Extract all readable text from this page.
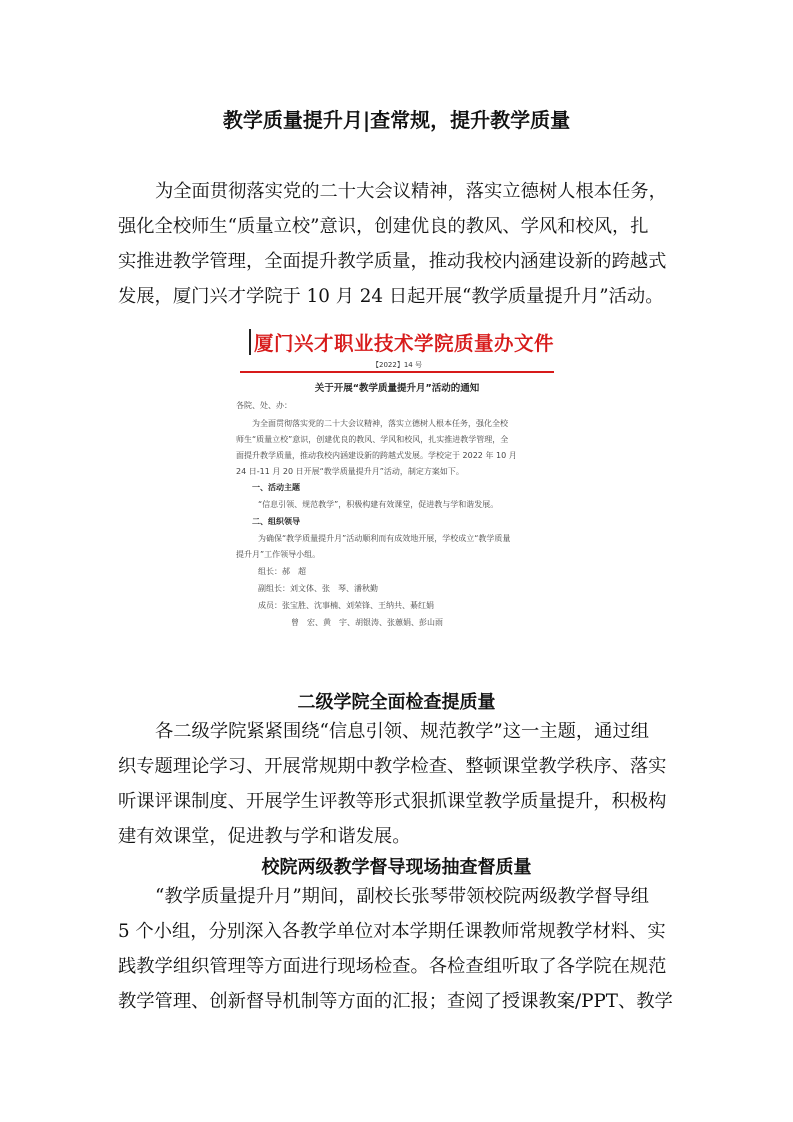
教学质量提升月|查常规，提升教学质量
为全面贯彻落实党的二十大会议精神，落实立德树人根本任务，
强化全校师生“质量立校”意识，创建优良的教风、学风和校风，扎
实推进教学管理，全面提升教学质量，推动我校内涵建设新的跨越式
发展，厦门兴才学院于 10 月 24 日起开展“教学质量提升月”活动。
厦门兴才职业技术学院质量办文件
【2022】14 号
关于开展“教学质量提升月”活动的通知
各院、处、办：
为全面贯彻落实党的二十大会议精神，落实立德树人根本任务，强化全校
师生“质量立校”意识，创建优良的教风、学风和校风，扎实推进教学管理，全
面提升教学质量，推动我校内涵建设新的跨越式发展。学校定于 2022 年 10 月
24 日-11 月 20 日开展“教学质量提升月”活动，制定方案如下。
一、活动主题
“信息引领、规范教学”，积极构建有效课堂，促进教与学和谐发展。
二、组织领导
为确保“教学质量提升月”活动顺利而有成效地开展，学校成立“教学质量
提升月”工作领导小组。
组长：郝　超
副组长：刘文体、张　琴、潘秋勤
成员：张宝胜、沈事楠、刘荣锋、王纳共、綦红娟
曾　宏、黄　宇、胡银涛、张蕙娟、彭山雨
二级学院全面检查提质量
各二级学院紧紧围绕“信息引领、规范教学”这一主题，通过组
织专题理论学习、开展常规期中教学检查、整顿课堂教学秩序、落实
听课评课制度、开展学生评教等形式狠抓课堂教学质量提升，积极构
建有效课堂，促进教与学和谐发展。
校院两级教学督导现场抽查督质量
“教学质量提升月”期间，副校长张琴带领校院两级教学督导组
5 个小组，分别深入各教学单位对本学期任课教师常规教学材料、实
践教学组织管理等方面进行现场检查。各检查组听取了各学院在规范
教学管理、创新督导机制等方面的汇报；查阅了授课教案/PPT、教学
